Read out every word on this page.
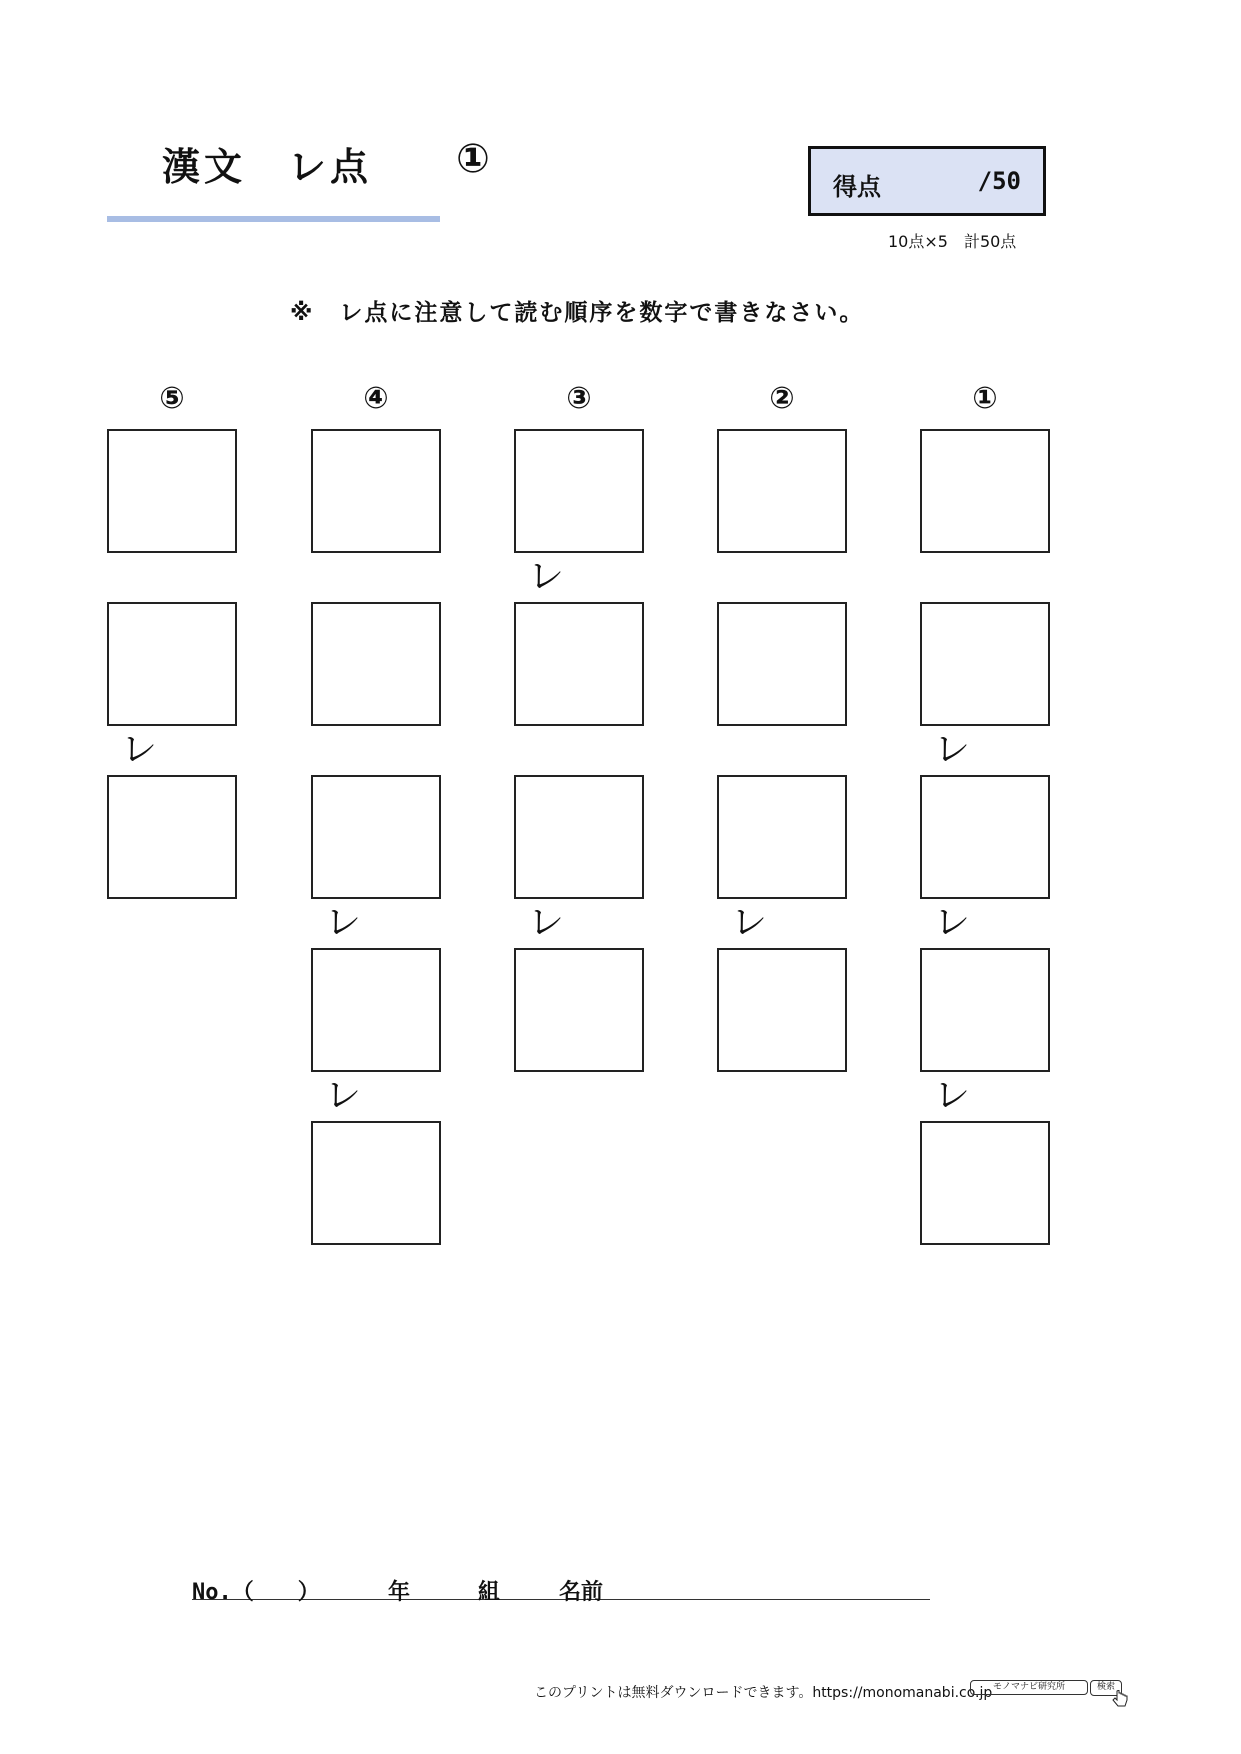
漢文　レ点 ①
得点	/50
10点×5　計50点
※　レ点に注意して読む順序を数字で書きなさい。
⑤
レ
④
レ
レ
③
レ
レ
②
レ
①
レ
レ
レ
No.（　　）	年	組	名前
このプリントは無料ダウンロードできます。https://monomanabi.co.jp モノマナビ研究所	検索
